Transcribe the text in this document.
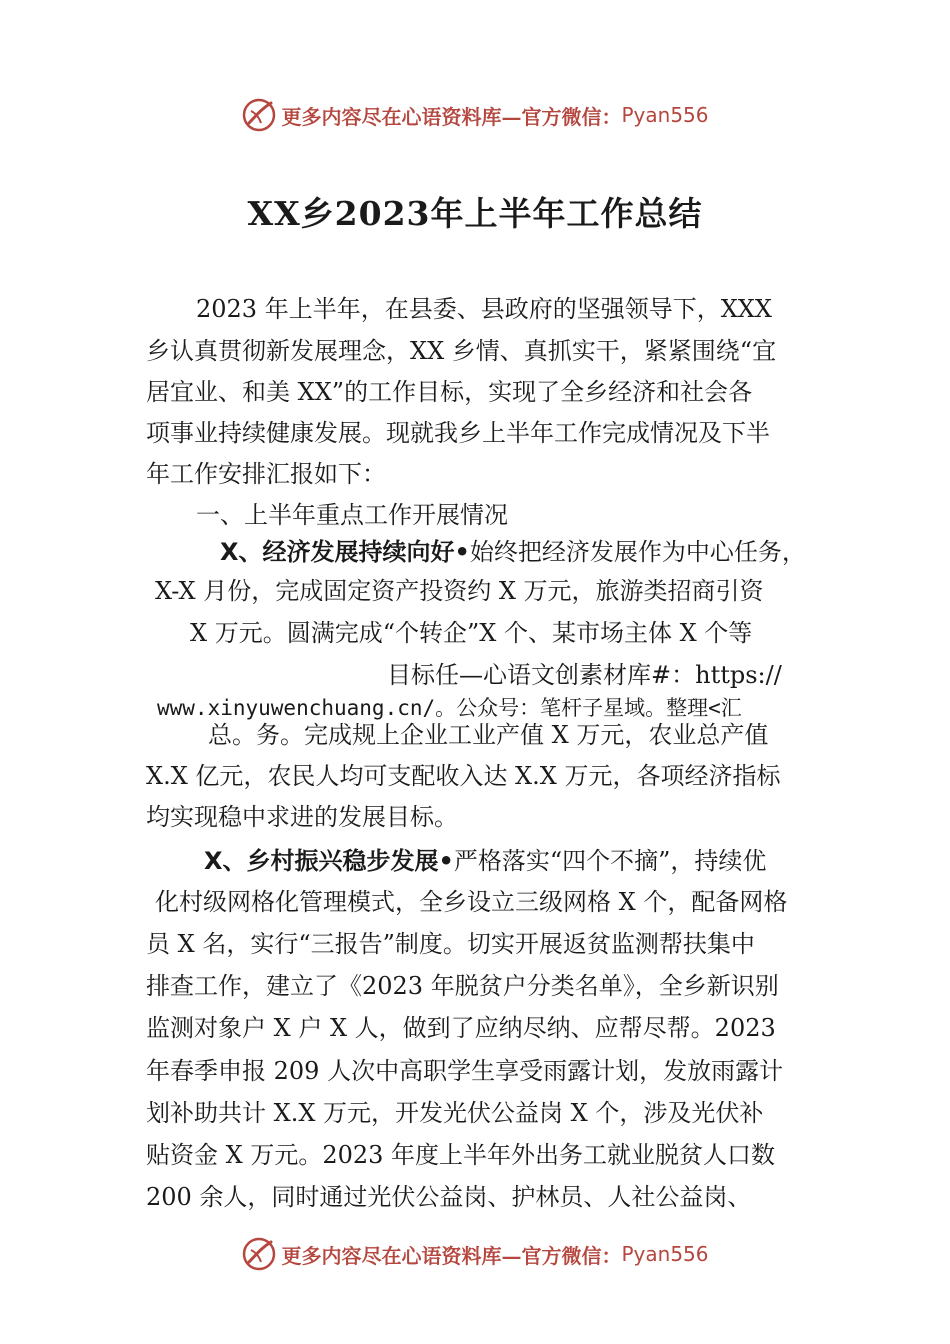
更多内容尽在心语资料库—官方微信： Pyan556
XX乡2023年上半年工作总结
2023 年上半年，在县委、县政府的坚强领导下，XXX
乡认真贯彻新发展理念，XX 乡情、真抓实干，紧紧围绕“宜
居宜业、和美 XX”的工作目标，实现了全乡经济和社会各
项事业持续健康发展。现就我乡上半年工作完成情况及下半
年工作安排汇报如下：
一、上半年重点工作开展情况
X、经济发展持续向好•始终把经济发展作为中心任务，
X-X 月份，完成固定资产投资约 X 万元，旅游类招商引资
X 万元。圆满完成“个转企”X 个、某市场主体 X 个等
目标任—心语文创素材库#：https://
www.xinyuwenchuang.cn/。公众号：笔杆子星域。整理<汇
总。务。完成规上企业工业产值 X 万元，农业总产值
X.X 亿元，农民人均可支配收入达 X.X 万元，各项经济指标
均实现稳中求进的发展目标。
X、乡村振兴稳步发展•严格落实“四个不摘”，持续优
化村级网格化管理模式，全乡设立三级网格 X 个，配备网格
员 X 名，实行“三报告”制度。切实开展返贫监测帮扶集中
排查工作，建立了《2023 年脱贫户分类名单》，全乡新识别
监测对象户 X 户 X 人，做到了应纳尽纳、应帮尽帮。2023
年春季申报 209 人次中高职学生享受雨露计划，发放雨露计
划补助共计 X.X 万元，开发光伏公益岗 X 个，涉及光伏补
贴资金 X 万元。2023 年度上半年外出务工就业脱贫人口数
200 余人，同时通过光伏公益岗、护林员、人社公益岗、
更多内容尽在心语资料库—官方微信： Pyan556
